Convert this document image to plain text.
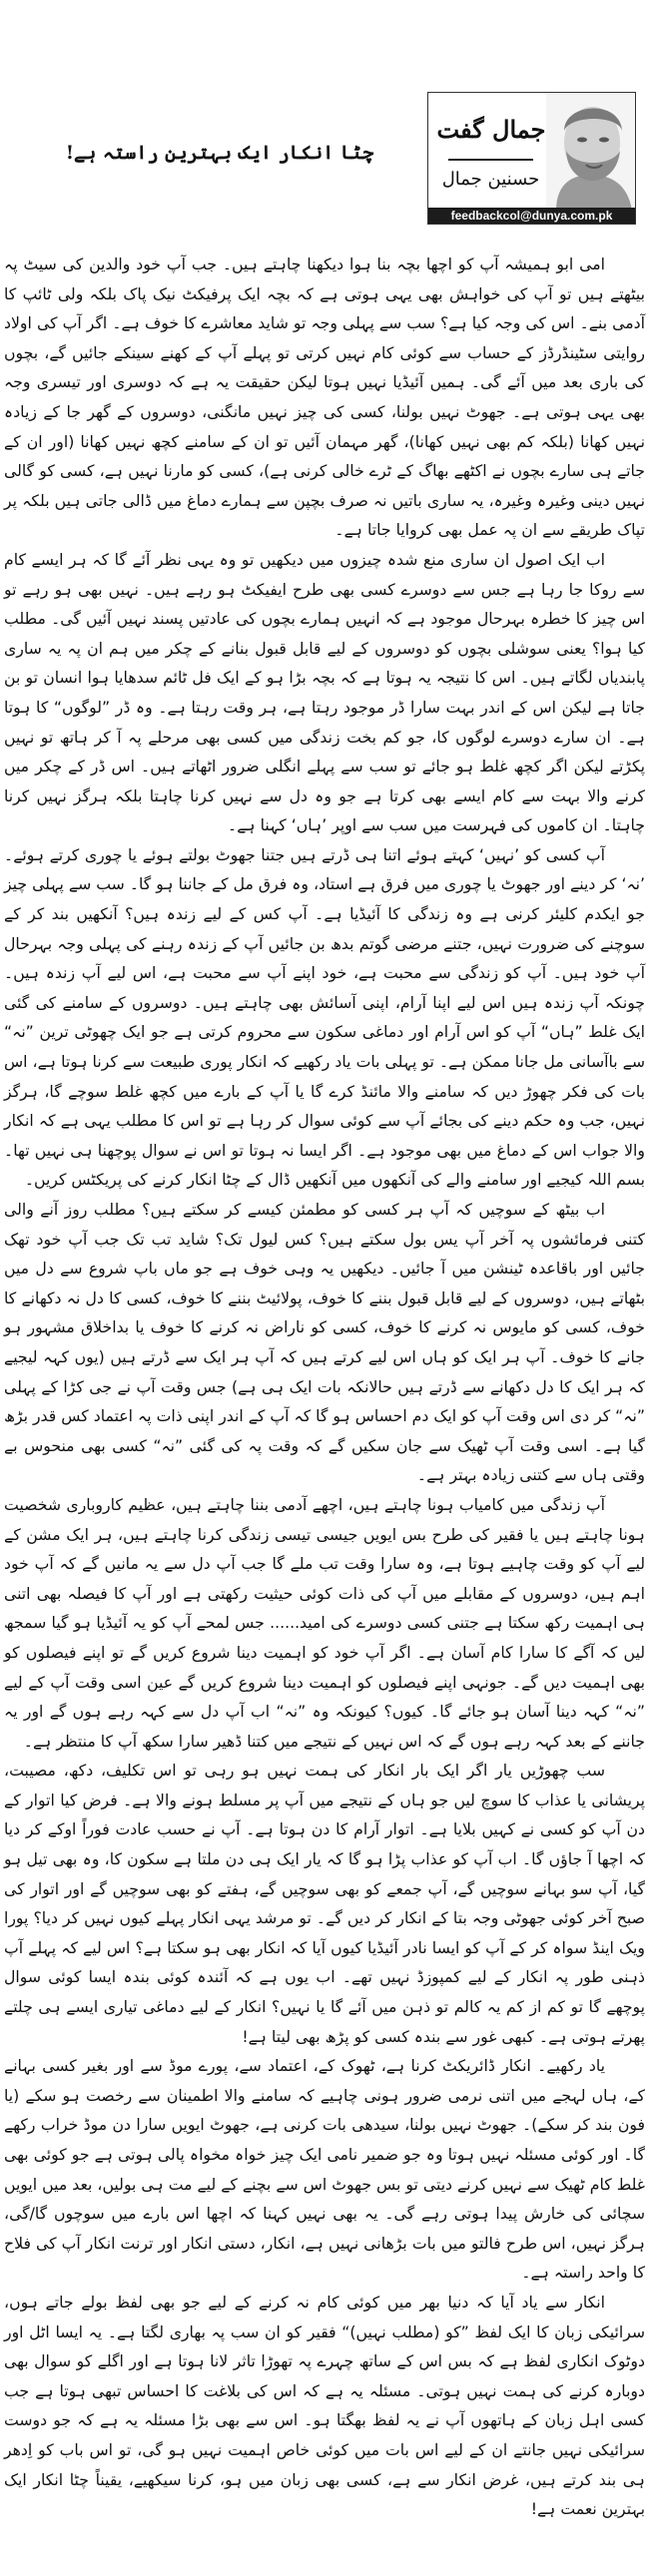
جمال گفت
حسنین جمال
feedbackcol@dunya.com.pk
چٹا انکار ایک بہترین راستہ ہے!

امی ابو ہمیشہ آپ کو اچھا بچہ بنا ہوا دیکھنا چاہتے ہیں۔ جب آپ خود والدین کی سیٹ پہ بیٹھتے ہیں تو آپ کی خواہش بھی یہی ہوتی ہے کہ بچہ ایک پرفیکٹ نیک پاک بلکہ ولی ٹائپ کا آدمی بنے۔ اس کی وجہ کیا ہے؟ سب سے پہلی وجہ تو شاید معاشرے کا خوف ہے۔ اگر آپ کی اولاد روایتی سٹینڈرڈز کے حساب سے کوئی کام نہیں کرتی تو پہلے آپ کے کھنے سینکے جائیں گے، بچوں کی باری بعد میں آئے گی۔ ہمیں آئیڈیا نہیں ہوتا لیکن حقیقت یہ ہے کہ دوسری اور تیسری وجہ بھی یہی ہوتی ہے۔ جھوٹ نہیں بولنا، کسی کی چیز نہیں مانگنی، دوسروں کے گھر جا کے زیادہ نہیں کھانا (بلکہ کم بھی نہیں کھانا)، گھر مہمان آئیں تو ان کے سامنے کچھ نہیں کھانا (اور ان کے جاتے ہی سارے بچوں نے اکٹھے بھاگ کے ٹرے خالی کرنی ہے)، کسی کو مارنا نہیں ہے، کسی کو گالی نہیں دینی وغیرہ وغیرہ، یہ ساری باتیں نہ صرف بچپن سے ہمارے دماغ میں ڈالی جاتی ہیں بلکہ پر تپاک طریقے سے ان پہ عمل بھی کروایا جاتا ہے۔

اب ایک اصول ان ساری منع شدہ چیزوں میں دیکھیں تو وہ یہی نظر آئے گا کہ ہر ایسے کام سے روکا جا رہا ہے جس سے دوسرے کسی بھی طرح ایفیکٹ ہو رہے ہیں۔ نہیں بھی ہو رہے تو اس چیز کا خطرہ بہرحال موجود ہے کہ انہیں ہمارے بچوں کی عادتیں پسند نہیں آئیں گی۔ مطلب کیا ہوا؟ یعنی سوشلی بچوں کو دوسروں کے لیے قابل قبول بنانے کے چکر میں ہم ان پہ یہ ساری پابندیاں لگاتے ہیں۔ اس کا نتیجہ یہ ہوتا ہے کہ بچہ بڑا ہو کے ایک فل ٹائم سدھایا ہوا انسان تو بن جاتا ہے لیکن اس کے اندر بہت سارا ڈر موجود رہتا ہے، ہر وقت رہتا ہے۔ وہ ڈر ”لوگوں“ کا ہوتا ہے۔ ان سارے دوسرے لوگوں کا، جو کم بخت زندگی میں کسی بھی مرحلے پہ آ کر ہاتھ تو نہیں پکڑتے لیکن اگر کچھ غلط ہو جائے تو سب سے پہلے انگلی ضرور اٹھاتے ہیں۔ اس ڈر کے چکر میں کرنے والا بہت سے کام ایسے بھی کرتا ہے جو وہ دل سے نہیں کرنا چاہتا بلکہ ہرگز نہیں کرنا چاہتا۔ ان کاموں کی فہرست میں سب سے اوپر ’ہاں‘ کہنا ہے۔

آپ کسی کو ’نہیں‘ کہتے ہوئے اتنا ہی ڈرتے ہیں جتنا جھوٹ بولتے ہوئے یا چوری کرتے ہوئے۔ ’نہ‘ کر دینے اور جھوٹ یا چوری میں فرق ہے استاد، وہ فرق مل کے جاننا ہو گا۔ سب سے پہلی چیز جو ایکدم کلیئر کرنی ہے وہ زندگی کا آئیڈیا ہے۔ آپ کس کے لیے زندہ ہیں؟ آنکھیں بند کر کے سوچنے کی ضرورت نہیں، جتنے مرضی گوتم بدھ بن جائیں آپ کے زندہ رہنے کی پہلی وجہ بہرحال آپ خود ہیں۔ آپ کو زندگی سے محبت ہے، خود اپنے آپ سے محبت ہے، اس لیے آپ زندہ ہیں۔ چونکہ آپ زندہ ہیں اس لیے اپنا آرام، اپنی آسائش بھی چاہتے ہیں۔ دوسروں کے سامنے کی گئی ایک غلط ”ہاں“ آپ کو اس آرام اور دماغی سکون سے محروم کرتی ہے جو ایک چھوٹی ترین ”نہ“ سے باآسانی مل جانا ممکن ہے۔ تو پہلی بات یاد رکھیے کہ انکار پوری طبیعت سے کرنا ہوتا ہے، اس بات کی فکر چھوڑ دیں کہ سامنے والا مائنڈ کرے گا یا آپ کے بارے میں کچھ غلط سوچے گا، ہرگز نہیں، جب وہ حکم دینے کی بجائے آپ سے کوئی سوال کر رہا ہے تو اس کا مطلب یہی ہے کہ انکار والا جواب اس کے دماغ میں بھی موجود ہے۔ اگر ایسا نہ ہوتا تو اس نے سوال پوچھنا ہی نہیں تھا۔ بسم اللہ کیجیے اور سامنے والے کی آنکھوں میں آنکھیں ڈال کے چٹا انکار کرنے کی پریکٹس کریں۔

اب بیٹھ کے سوچیں کہ آپ ہر کسی کو مطمئن کیسے کر سکتے ہیں؟ مطلب روز آنے والی کتنی فرمائشوں پہ آخر آپ یس بول سکتے ہیں؟ کس لیول تک؟ شاید تب تک جب آپ خود تھک جائیں اور باقاعدہ ٹینشن میں آ جائیں۔ دیکھیں یہ وہی خوف ہے جو ماں باپ شروع سے دل میں بٹھاتے ہیں، دوسروں کے لیے قابل قبول بننے کا خوف، پولائیٹ بننے کا خوف، کسی کا دل نہ دکھانے کا خوف، کسی کو مایوس نہ کرنے کا خوف، کسی کو ناراض نہ کرنے کا خوف یا بداخلاق مشہور ہو جانے کا خوف۔ آپ ہر ایک کو ہاں اس لیے کرتے ہیں کہ آپ ہر ایک سے ڈرتے ہیں (یوں کہہ لیجیے کہ ہر ایک کا دل دکھانے سے ڈرتے ہیں حالانکہ بات ایک ہی ہے) جس وقت آپ نے جی کڑا کے پہلی ”نہ“ کر دی اس وقت آپ کو ایک دم احساس ہو گا کہ آپ کے اندر اپنی ذات پہ اعتماد کس قدر بڑھ گیا ہے۔ اسی وقت آپ ٹھیک سے جان سکیں گے کہ وقت پہ کی گئی ”نہ“ کسی بھی منحوس بے وقتی ہاں سے کتنی زیادہ بہتر ہے۔

آپ زندگی میں کامیاب ہونا چاہتے ہیں، اچھے آدمی بننا چاہتے ہیں، عظیم کاروباری شخصیت ہونا چاہتے ہیں یا فقیر کی طرح بس ایویں جیسی تیسی زندگی کرنا چاہتے ہیں، ہر ایک مشن کے لیے آپ کو وقت چاہیے ہوتا ہے، وہ سارا وقت تب ملے گا جب آپ دل سے یہ مانیں گے کہ آپ خود اہم ہیں، دوسروں کے مقابلے میں آپ کی ذات کوئی حیثیت رکھتی ہے اور آپ کا فیصلہ بھی اتنی ہی اہمیت رکھ سکتا ہے جتنی کسی دوسرے کی امید...... جس لمحے آپ کو یہ آئیڈیا ہو گیا سمجھ لیں کہ آگے کا سارا کام آسان ہے۔ اگر آپ خود کو اہمیت دینا شروع کریں گے تو اپنے فیصلوں کو بھی اہمیت دیں گے۔ جونہی اپنے فیصلوں کو اہمیت دینا شروع کریں گے عین اسی وقت آپ کے لیے ”نہ“ کہہ دینا آسان ہو جائے گا۔ کیوں؟ کیونکہ وہ ”نہ“ اب آپ دل سے کہہ رہے ہوں گے اور یہ جاننے کے بعد کہہ رہے ہوں گے کہ اس نہیں کے نتیجے میں کتنا ڈھیر سارا سکھ آپ کا منتظر ہے۔

سب چھوڑیں یار اگر ایک بار انکار کی ہمت نہیں ہو رہی تو اس تکلیف، دکھ، مصیبت، پریشانی یا عذاب کا سوچ لیں جو ہاں کے نتیجے میں آپ پر مسلط ہونے والا ہے۔ فرض کیا اتوار کے دن آپ کو کسی نے کہیں بلایا ہے۔ اتوار آرام کا دن ہوتا ہے۔ آپ نے حسب عادت فوراً اوکے کر دیا کہ اچھا آ جاؤں گا۔ اب آپ کو عذاب پڑا ہو گا کہ یار ایک ہی دن ملتا ہے سکون کا، وہ بھی تیل ہو گیا، آپ سو بہانے سوچیں گے، آپ جمعے کو بھی سوچیں گے، ہفتے کو بھی سوچیں گے اور اتوار کی صبح آخر کوئی جھوٹی وجہ بتا کے انکار کر دیں گے۔ تو مرشد یہی انکار پہلے کیوں نہیں کر دیا؟ پورا ویک اینڈ سواہ کر کے آپ کو ایسا نادر آئیڈیا کیوں آیا کہ انکار بھی ہو سکتا ہے؟ اس لیے کہ پہلے آپ ذہنی طور پہ انکار کے لیے کمپوزڈ نہیں تھے۔ اب یوں ہے کہ آئندہ کوئی بندہ ایسا کوئی سوال پوچھے گا تو کم از کم یہ کالم تو ذہن میں آئے گا یا نہیں؟ انکار کے لیے دماغی تیاری ایسے ہی چلتے پھرتے ہوتی ہے۔ کبھی غور سے بندہ کسی کو پڑھ بھی لیتا ہے!

یاد رکھیے۔ انکار ڈائریکٹ کرنا ہے، ٹھوک کے، اعتماد سے، پورے موڈ سے اور بغیر کسی بہانے کے، ہاں لہجے میں اتنی نرمی ضرور ہونی چاہیے کہ سامنے والا اطمینان سے رخصت ہو سکے (یا فون بند کر سکے)۔ جھوٹ نہیں بولنا، سیدھی بات کرنی ہے، جھوٹ ایویں سارا دن موڈ خراب رکھے گا۔ اور کوئی مسئلہ نہیں ہوتا وہ جو ضمیر نامی ایک چیز خواہ مخواہ پالی ہوتی ہے جو کوئی بھی غلط کام ٹھیک سے نہیں کرنے دیتی تو بس جھوٹ اس سے بچنے کے لیے مت ہی بولیں، بعد میں ایویں سچائی کی خارش پیدا ہوتی رہے گی۔ یہ بھی نہیں کہنا کہ اچھا اس بارے میں سوچوں گا/گی، ہرگز نہیں، اس طرح فالتو میں بات بڑھانی نہیں ہے، انکار، دستی انکار اور ترنت انکار آپ کی فلاح کا واحد راستہ ہے۔

انکار سے یاد آیا کہ دنیا بھر میں کوئی کام نہ کرنے کے لیے جو بھی لفظ بولے جاتے ہوں، سرائیکی زبان کا ایک لفظ ”کو (مطلب نہیں)“ فقیر کو ان سب پہ بھاری لگتا ہے۔ یہ ایسا اٹل اور دوٹوک انکاری لفظ ہے کہ بس اس کے ساتھ چہرے پہ تھوڑا تاثر لانا ہوتا ہے اور اگلے کو سوال بھی دوبارہ کرنے کی ہمت نہیں ہوتی۔ مسئلہ یہ ہے کہ اس کی بلاغت کا احساس تبھی ہوتا ہے جب کسی اہل زبان کے ہاتھوں آپ نے یہ لفظ بھگتا ہو۔ اس سے بھی بڑا مسئلہ یہ ہے کہ جو دوست سرائیکی نہیں جانتے ان کے لیے اس بات میں کوئی خاص اہمیت نہیں ہو گی، تو اس باب کو اِدھر ہی بند کرتے ہیں، غرض انکار سے ہے، کسی بھی زبان میں ہو، کرنا سیکھیے، یقیناً چٹا انکار ایک بہترین نعمت ہے!
